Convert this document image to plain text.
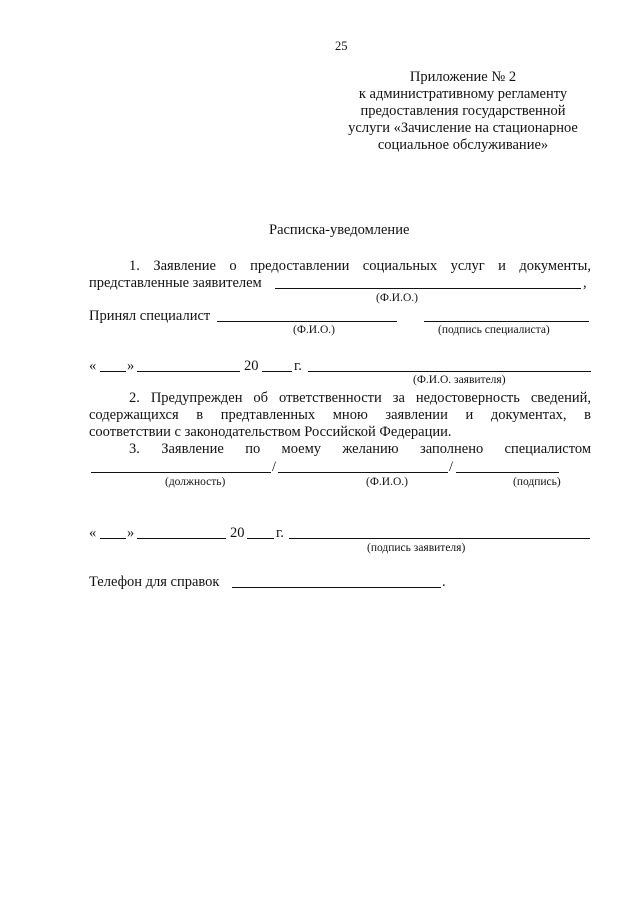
25
Приложение № 2
к административному регламенту
предоставления государственной
услуги «Зачисление на стационарное
социальное обслуживание»
Расписка-уведомление
1. Заявление о предоставлении социальных услуг и документы,
представленные заявителем	,
(Ф.И.О.)
Принял специалист
(Ф.И.О.)	(подпись специалиста)
« »	20 г.
(Ф.И.О. заявителя)
2. Предупрежден об ответственности за недостоверность сведений,
содержащихся в предтавленных мною заявлении и документах, в
соответствии с законодательством Российской Федерации.
3. Заявление по моему желанию заполнено специалистом
/	/
(должность)	(Ф.И.О.)	(подпись)
« »	20 г.
(подпись заявителя)
Телефон для справок	.
